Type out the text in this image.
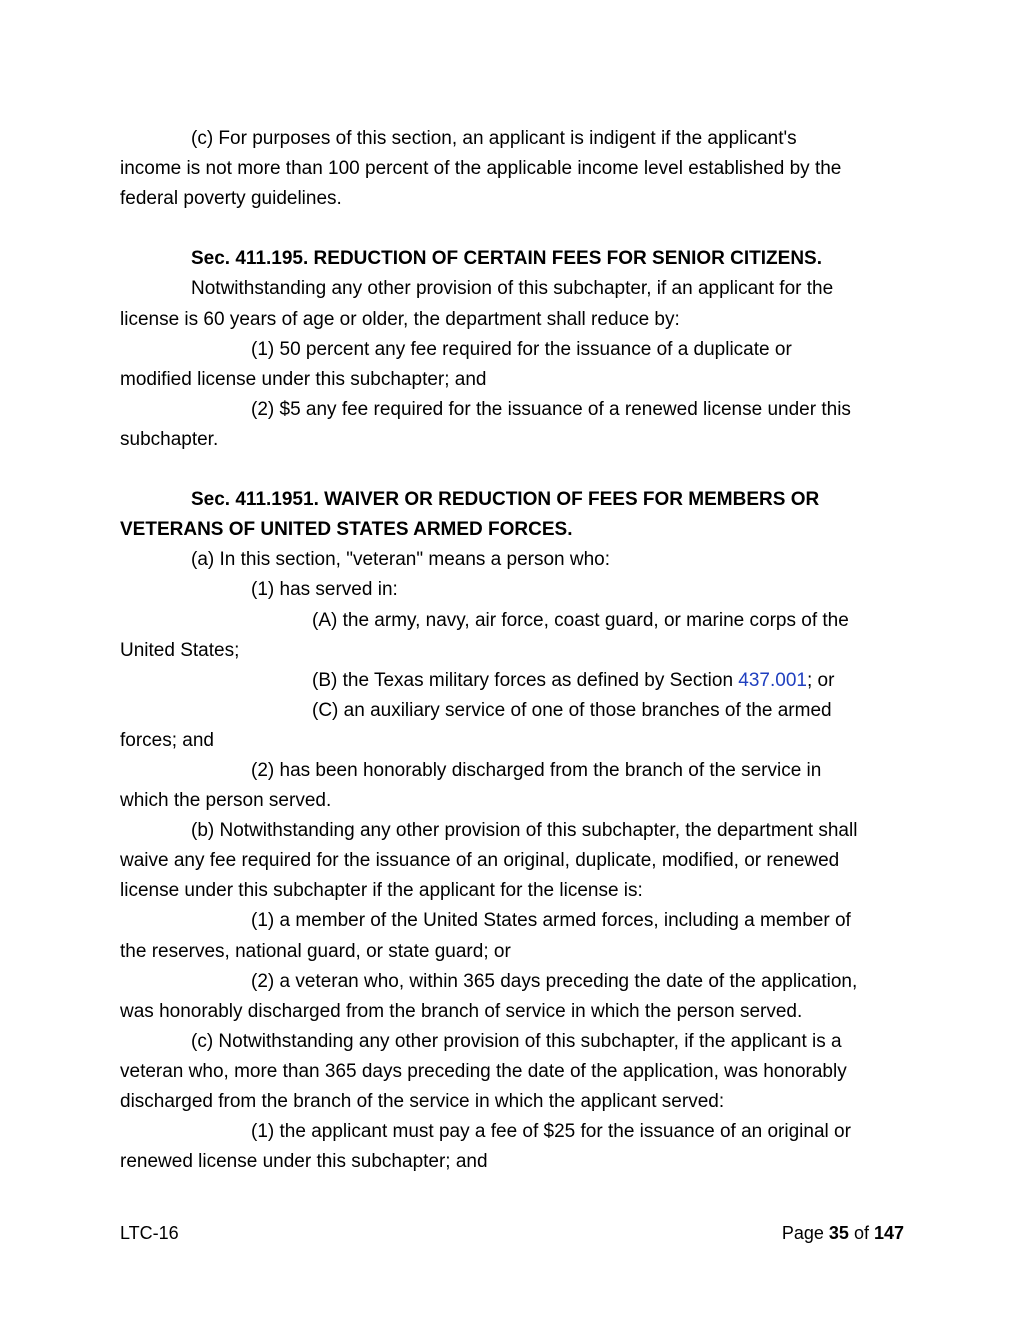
(c) For purposes of this section, an applicant is indigent if the applicant's
income is not more than 100 percent of the applicable income level established by the
federal poverty guidelines.
Sec. 411.195. REDUCTION OF CERTAIN FEES FOR SENIOR CITIZENS.
Notwithstanding any other provision of this subchapter, if an applicant for the
license is 60 years of age or older, the department shall reduce by:
(1) 50 percent any fee required for the issuance of a duplicate or
modified license under this subchapter; and
(2) $5 any fee required for the issuance of a renewed license under this
subchapter.
Sec. 411.1951. WAIVER OR REDUCTION OF FEES FOR MEMBERS OR
VETERANS OF UNITED STATES ARMED FORCES.
(a) In this section, "veteran" means a person who:
(1) has served in:
(A) the army, navy, air force, coast guard, or marine corps of the
United States;
(B) the Texas military forces as defined by Section 437.001; or
(C) an auxiliary service of one of those branches of the armed
forces; and
(2) has been honorably discharged from the branch of the service in
which the person served.
(b) Notwithstanding any other provision of this subchapter, the department shall
waive any fee required for the issuance of an original, duplicate, modified, or renewed
license under this subchapter if the applicant for the license is:
(1) a member of the United States armed forces, including a member of
the reserves, national guard, or state guard; or
(2) a veteran who, within 365 days preceding the date of the application,
was honorably discharged from the branch of service in which the person served.
(c) Notwithstanding any other provision of this subchapter, if the applicant is a
veteran who, more than 365 days preceding the date of the application, was honorably
discharged from the branch of the service in which the applicant served:
(1) the applicant must pay a fee of $25 for the issuance of an original or
renewed license under this subchapter; and
LTC-16	Page 35 of 147
